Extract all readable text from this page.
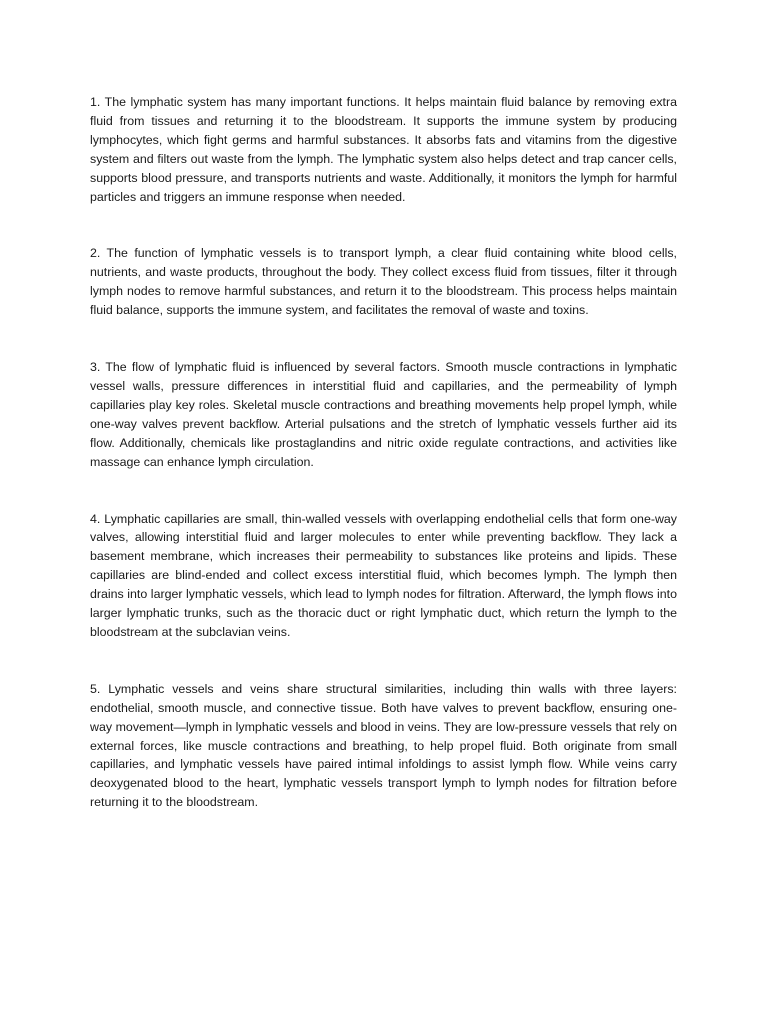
1. The lymphatic system has many important functions. It helps maintain fluid balance by removing extra fluid from tissues and returning it to the bloodstream. It supports the immune system by producing lymphocytes, which fight germs and harmful substances. It absorbs fats and vitamins from the digestive system and filters out waste from the lymph. The lymphatic system also helps detect and trap cancer cells, supports blood pressure, and transports nutrients and waste. Additionally, it monitors the lymph for harmful particles and triggers an immune response when needed.

2. The function of lymphatic vessels is to transport lymph, a clear fluid containing white blood cells, nutrients, and waste products, throughout the body. They collect excess fluid from tissues, filter it through lymph nodes to remove harmful substances, and return it to the bloodstream. This process helps maintain fluid balance, supports the immune system, and facilitates the removal of waste and toxins.

3. The flow of lymphatic fluid is influenced by several factors. Smooth muscle contractions in lymphatic vessel walls, pressure differences in interstitial fluid and capillaries, and the permeability of lymph capillaries play key roles. Skeletal muscle contractions and breathing movements help propel lymph, while one-way valves prevent backflow. Arterial pulsations and the stretch of lymphatic vessels further aid its flow. Additionally, chemicals like prostaglandins and nitric oxide regulate contractions, and activities like massage can enhance lymph circulation.

4. Lymphatic capillaries are small, thin-walled vessels with overlapping endothelial cells that form one-way valves, allowing interstitial fluid and larger molecules to enter while preventing backflow. They lack a basement membrane, which increases their permeability to substances like proteins and lipids. These capillaries are blind-ended and collect excess interstitial fluid, which becomes lymph. The lymph then drains into larger lymphatic vessels, which lead to lymph nodes for filtration. Afterward, the lymph flows into larger lymphatic trunks, such as the thoracic duct or right lymphatic duct, which return the lymph to the bloodstream at the subclavian veins.

5. Lymphatic vessels and veins share structural similarities, including thin walls with three layers: endothelial, smooth muscle, and connective tissue. Both have valves to prevent backflow, ensuring one-way movement—lymph in lymphatic vessels and blood in veins. They are low-pressure vessels that rely on external forces, like muscle contractions and breathing, to help propel fluid. Both originate from small capillaries, and lymphatic vessels have paired intimal infoldings to assist lymph flow. While veins carry deoxygenated blood to the heart, lymphatic vessels transport lymph to lymph nodes for filtration before returning it to the bloodstream.
